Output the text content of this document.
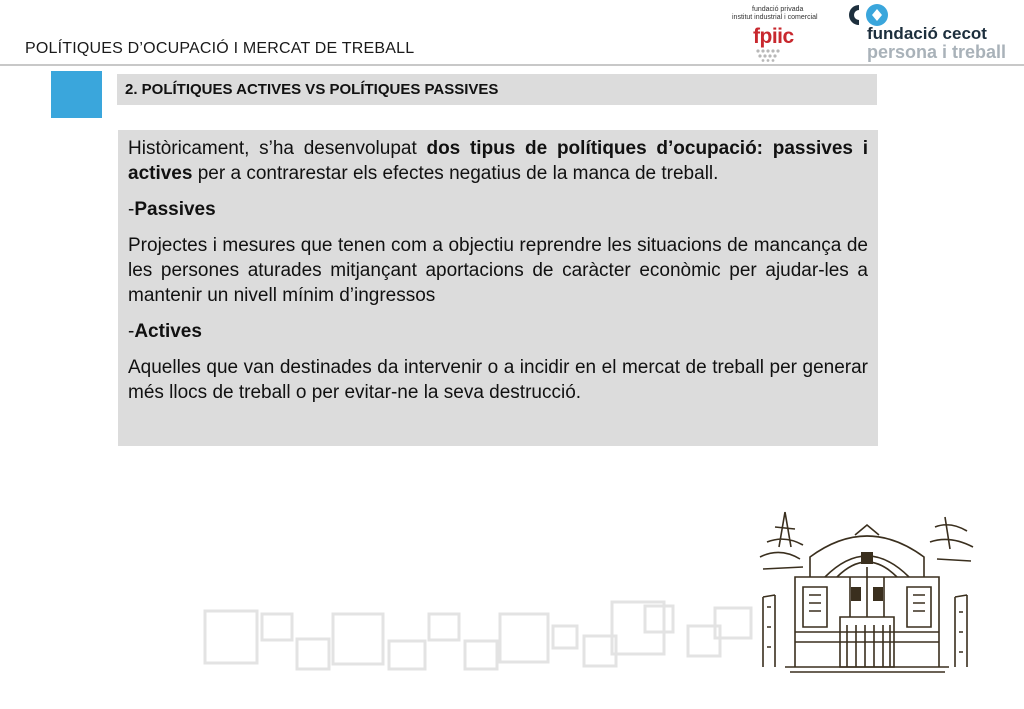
POLÍTIQUES D’OCUPACIÓ I MERCAT DE TREBALL
fundació privada
institut industrial i comercial
fpiic	fundació cecot
persona i treball
2. POLÍTIQUES ACTIVES VS POLÍTIQUES PASSIVES

Històricament, s’ha desenvolupat dos tipus de polítiques d’ocupació: passives i actives per a contrarestar els efectes negatius de la manca de treball.

-Passives

Projectes i mesures que tenen com a objectiu reprendre les situacions de mancança de les persones aturades mitjançant aportacions de caràcter econòmic per ajudar-les a mantenir un nivell mínim d’ingressos

-Actives

Aquelles que van destinades da intervenir o a incidir en el mercat de treball per generar més llocs de treball o per evitar-ne la seva destrucció.
